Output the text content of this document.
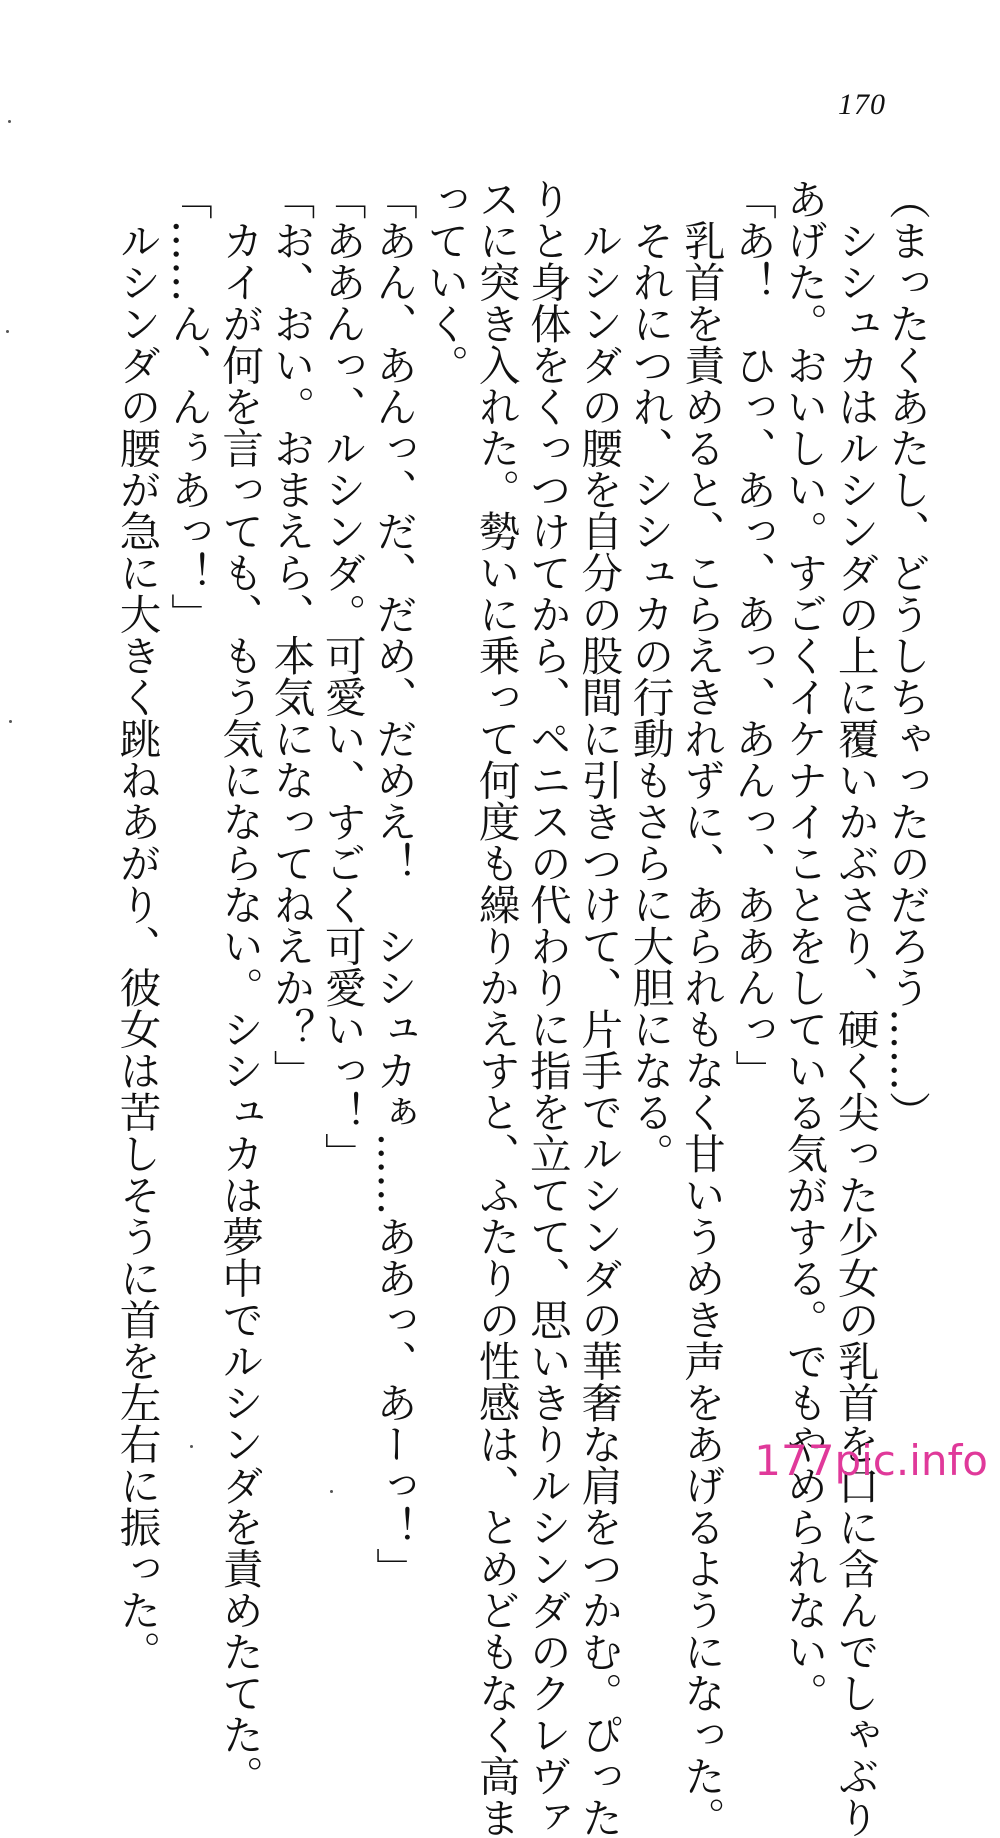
170
（まったくあたし、どうしちゃったのだろう……）
　シシュカはルシンダの上に覆いかぶさり、硬く尖った少女の乳首を口に含んでしゃぶり
あげた。おいしい。すごくイケナイことをしている気がする。でもやめられない。
「あ！　ひっ、あっ、あっ、あんっ、ああんっ」
　乳首を責めると、こらえきれずに、あられもなく甘いうめき声をあげるようになった。
　それにつれ、シシュカの行動もさらに大胆になる。
　ルシンダの腰を自分の股間に引きつけて、片手でルシンダの華奢な肩をつかむ。ぴった
りと身体をくっつけてから、ペニスの代わりに指を立てて、思いきりルシンダのクレヴァ
スに突き入れた。勢いに乗って何度も繰りかえすと、ふたりの性感は、とめどもなく高ま
っていく。
「あん、あんっ、だ、だめ、だめえ！　シシュカぁ……ああっ、あーっ！」
「ああんっ、ルシンダ。可愛い、すごく可愛いっ！」
「お、おい。おまえら、本気になってねえか？」
　カイが何を言っても、もう気にならない。シシュカは夢中でルシンダを責めたてた。
「……ん、んぅあっ！」
　ルシンダの腰が急に大きく跳ねあがり、彼女は苦しそうに首を左右に振った。	177pic.info
